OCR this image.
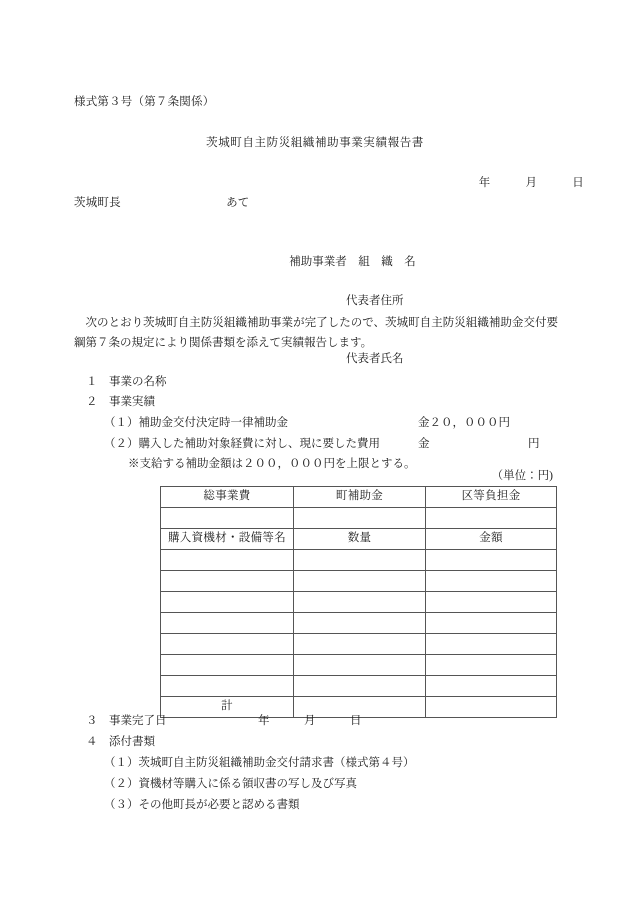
様式第３号（第７条関係）
茨城町自主防災組織補助事業実績報告書
年　　　月　　　日
茨城町長　　　　　　　　　あて

補助事業者　組　織　名

代表者住所

代表者氏名

　次のとおり茨城町自主防災組織補助事業が完了したので、茨城町自主防災組織補助金交付要綱第７条の規定により関係書類を添えて実績報告します。
１　事業の名称
２　事業実績
（１）補助金交付決定時一律補助金	金２０，０００円
（２）購入した補助対象経費に対し、現に要した費用	金	円
※支給する補助金額は２００，０００円を上限とする。
（単位：円)
総事業費	町補助金	区等負担金

購入資機材・設備等名	数量	金額

計		
３　事業完了日	年　　　月　　　日
４　添付書類
（１）茨城町自主防災組織補助金交付請求書（様式第４号）
（２）資機材等購入に係る領収書の写し及び写真
（３）その他町長が必要と認める書類
